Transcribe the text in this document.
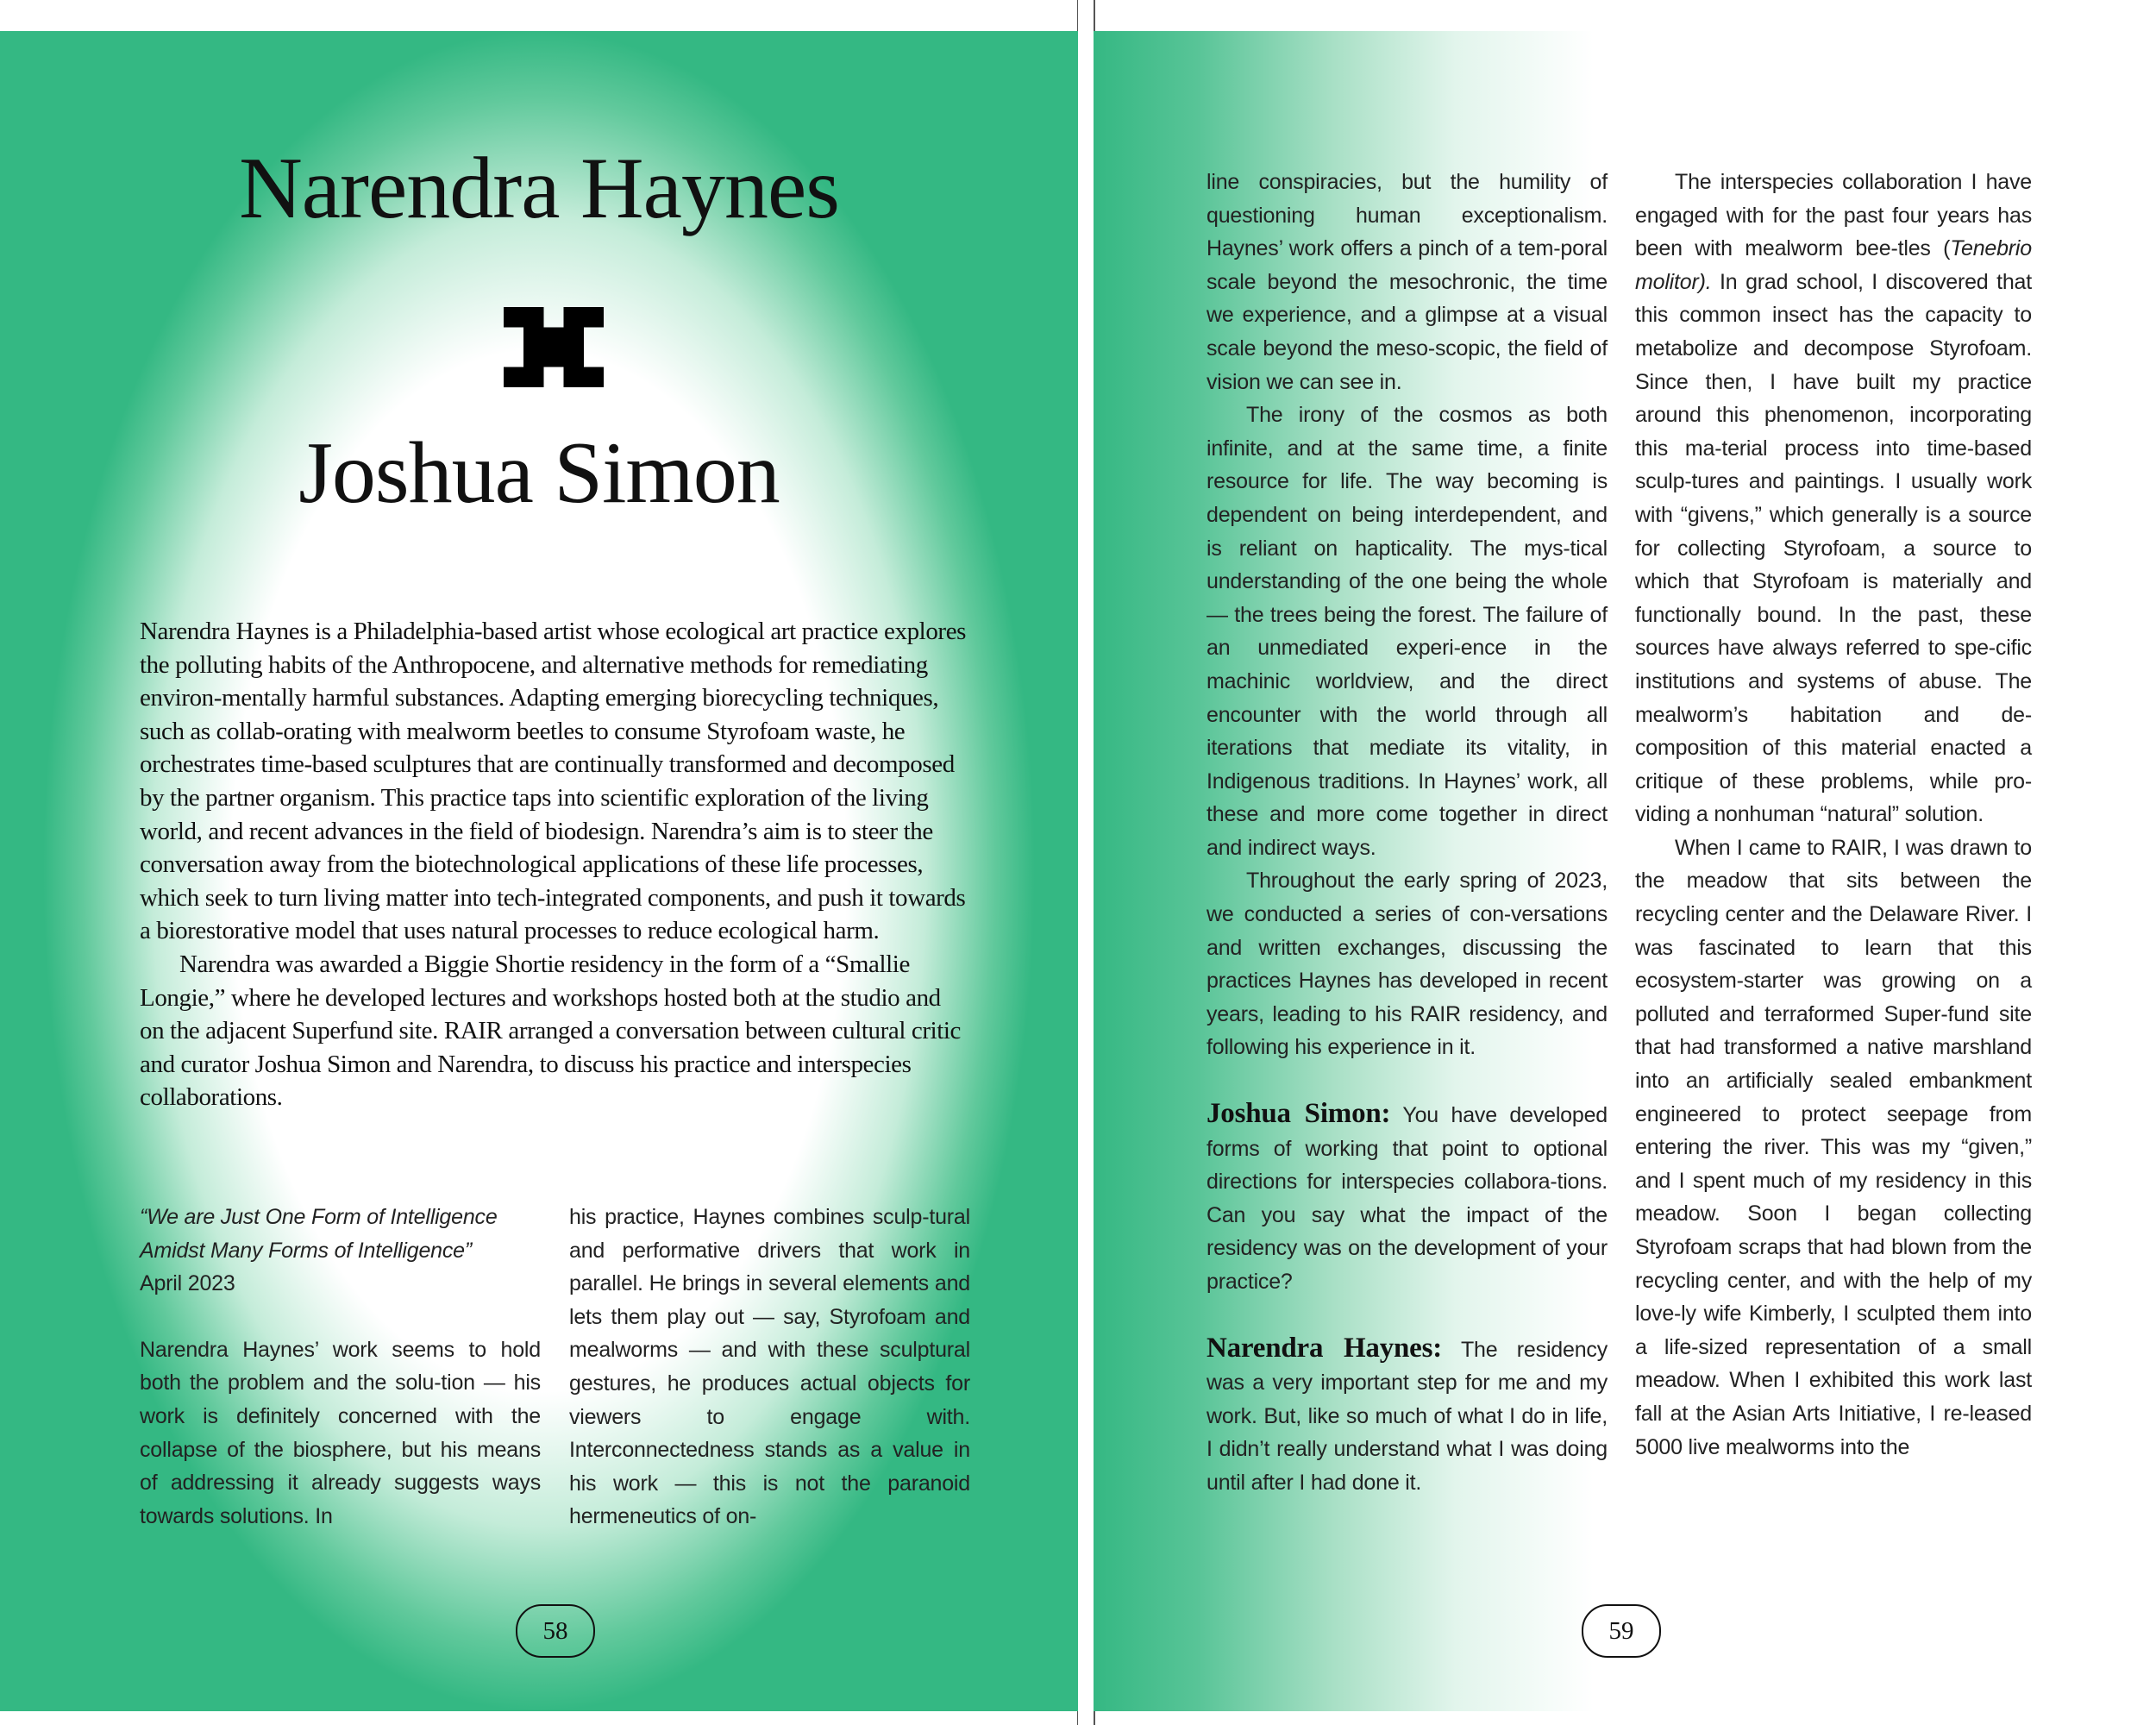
Narendra Haynes
Joshua Simon

Narendra Haynes is a Philadelphia-based artist whose ecological art practice explores the polluting habits of the Anthropocene, and alternative methods for remediating environ-mentally harmful substances. Adapting emerging biorecycling techniques, such as collab-orating with mealworm beetles to consume Styrofoam waste, he orchestrates time-based sculptures that are continually transformed and decomposed by the partner organism. This practice taps into scientific exploration of the living world, and recent advances in the field of biodesign. Narendra’s aim is to steer the conversation away from the biotechnological applications of these life processes, which seek to turn living matter into tech-integrated components, and push it towards a biorestorative model that uses natural processes to reduce ecological harm.

Narendra was awarded a Biggie Shortie residency in the form of a “Smallie Longie,” where he developed lectures and workshops hosted both at the studio and on the adjacent Superfund site. RAIR arranged a conversation between cultural critic and curator Joshua Simon and Narendra, to discuss his practice and interspecies collaborations.

“We are Just One Form of Intelligence Amidst Many Forms of Intelligence”

April 2023

Narendra Haynes’ work seems to hold both the problem and the solu-tion — his work is definitely concerned with the collapse of the biosphere, but his means of addressing it already suggests ways towards solutions. In

his practice, Haynes combines sculp-tural and performative drivers that work in parallel. He brings in several elements and lets them play out — say, Styrofoam and mealworms — and with these sculptural gestures, he produces actual objects for viewers to engage with. Interconnectedness stands as a value in his work — this is not the paranoid hermeneutics of on-

58

line conspiracies, but the humility of questioning human exceptionalism. Haynes’ work offers a pinch of a tem-poral scale beyond the mesochronic, the time we experience, and a glimpse at a visual scale beyond the meso-scopic, the field of vision we can see in.

The irony of the cosmos as both infinite, and at the same time, a finite resource for life. The way becoming is dependent on being interdependent, and is reliant on hapticality. The mys-tical understanding of the one being the whole — the trees being the forest. The failure of an unmediated experi-ence in the machinic worldview, and the direct encounter with the world through all iterations that mediate its vitality, in Indigenous traditions. In Haynes’ work, all these and more come together in direct and indirect ways.

Throughout the early spring of 2023, we conducted a series of con-versations and written exchanges, discussing the practices Haynes has developed in recent years, leading to his RAIR residency, and following his experience in it.

Joshua Simon: You have developed forms of working that point to optional directions for interspecies collabora-tions. Can you say what the impact of the residency was on the development of your practice?

Narendra Haynes: The residency was a very important step for me and my work. But, like so much of what I do in life, I didn’t really understand what I was doing until after I had done it.

The interspecies collaboration I have engaged with for the past four years has been with mealworm bee-tles (Tenebrio molitor). In grad school, I discovered that this common insect has the capacity to metabolize and decompose Styrofoam. Since then, I have built my practice around this phenomenon, incorporating this ma-terial process into time-based sculp-tures and paintings. I usually work with “givens,” which generally is a source for collecting Styrofoam, a source to which that Styrofoam is materially and functionally bound. In the past, these sources have always referred to spe-cific institutions and systems of abuse. The mealworm’s habitation and de-composition of this material enacted a critique of these problems, while pro-viding a nonhuman “natural” solution.

When I came to RAIR, I was drawn to the meadow that sits between the recycling center and the Delaware River. I was fascinated to learn that this ecosystem-starter was growing on a polluted and terraformed Super-fund site that had transformed a native marshland into an artificially sealed embankment engineered to protect seepage from entering the river. This was my “given,” and I spent much of my residency in this meadow. Soon I began collecting Styrofoam scraps that had blown from the recycling center, and with the help of my love-ly wife Kimberly, I sculpted them into a life-sized representation of a small meadow. When I exhibited this work last fall at the Asian Arts Initiative, I re-leased 5000 live mealworms into the

59
